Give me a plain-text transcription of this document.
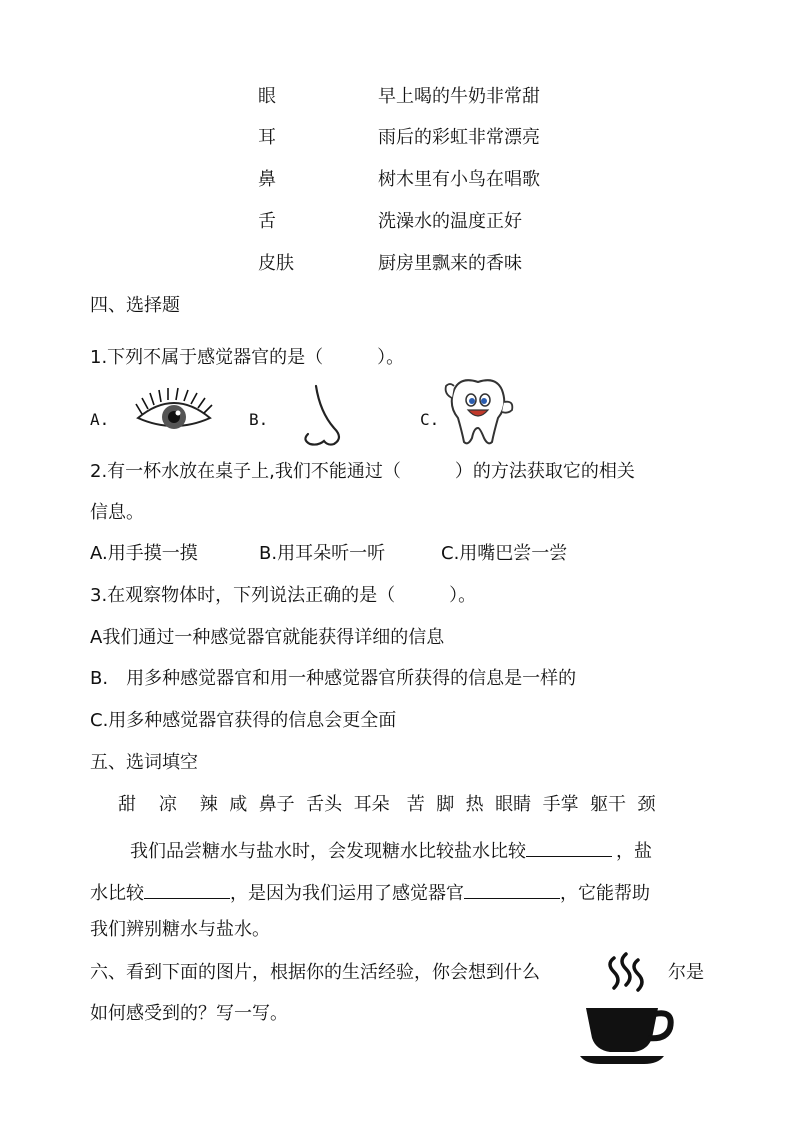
眼	早上喝的牛奶非常甜
耳	雨后的彩虹非常漂亮
鼻	树木里有小鸟在唱歌
舌	洗澡水的温度正好
皮肤	厨房里飘来的香味
四、选择题
1.下列不属于感觉器官的是（　　　）。
A.	B.	C.
2.有一杯水放在桌子上,我们不能通过（　　　）的方法获取它的相关
信息。
A.用手摸一摸	B.用耳朵听一听	C.用嘴巴尝一尝
3.在观察物体时，下列说法正确的是（　　　）。
A我们通过一种感觉器官就能获得详细的信息
B.　用多种感觉器官和用一种感觉器官所获得的信息是一样的
C.用多种感觉器官获得的信息会更全面
五、选词填空
甜 凉 辣 咸 鼻子 舌头 耳朵 苦 脚 热 眼睛 手掌 躯干 颈
我们品尝糖水与盐水时，会发现糖水比较盐水比较	，盐
水比较	，是因为我们运用了感觉器官	，它能帮助
我们辨别糖水与盐水。
六、看到下面的图片，根据你的生活经验，你会想到什么	尔是
如何感受到的？写一写。
